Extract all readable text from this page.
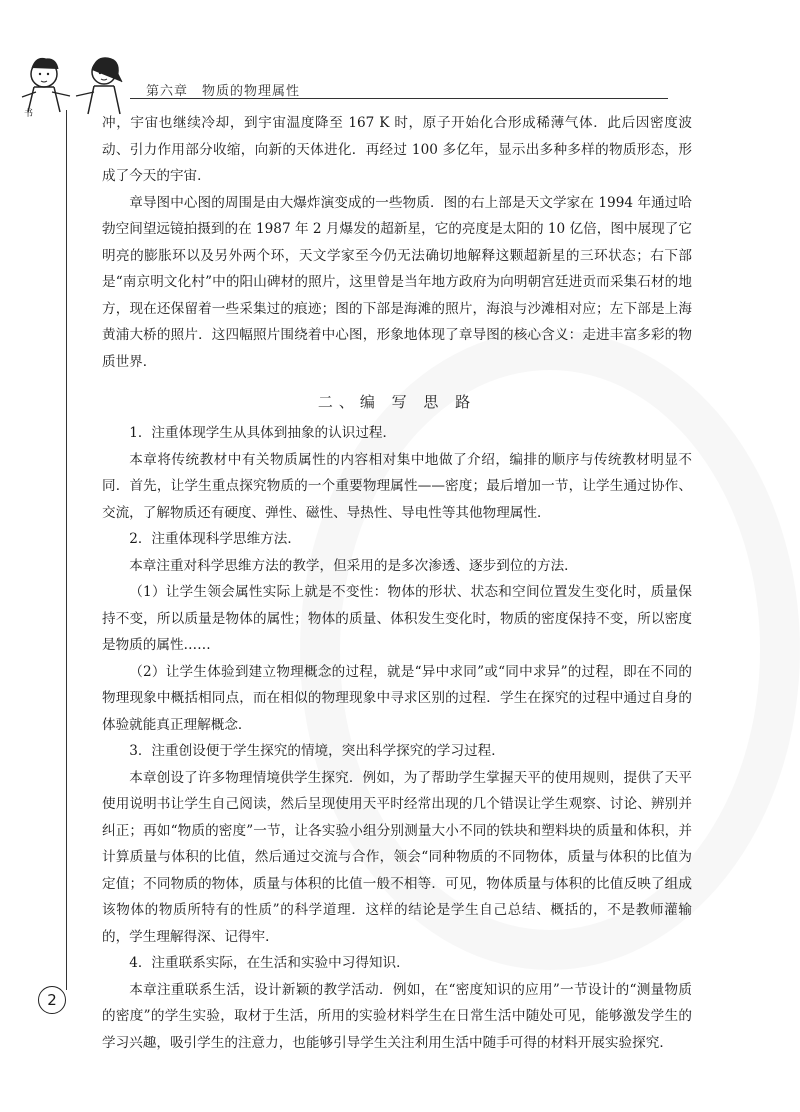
书
第六章　物质的物理属性

冲，宇宙也继续冷却，到宇宙温度降至 167 K 时，原子开始化合形成稀薄气体．此后因密度波动、引力作用部分收缩，向新的天体进化．再经过 100 多亿年，显示出多种多样的物质形态，形成了今天的宇宙．

章导图中心图的周围是由大爆炸演变成的一些物质．图的右上部是天文学家在 1994 年通过哈勃空间望远镜拍摄到的在 1987 年 2 月爆发的超新星，它的亮度是太阳的 10 亿倍，图中展现了它明亮的膨胀环以及另外两个环，天文学家至今仍无法确切地解释这颗超新星的三环状态；右下部是“南京明文化村”中的阳山碑材的照片，这里曾是当年地方政府为向明朝宫廷进贡而采集石材的地方，现在还保留着一些采集过的痕迹；图的下部是海滩的照片，海浪与沙滩相对应；左下部是上海黄浦大桥的照片．这四幅照片围绕着中心图，形象地体现了章导图的核心含义：走进丰富多彩的物质世界．

二、编 写 思 路

1．注重体现学生从具体到抽象的认识过程．

本章将传统教材中有关物质属性的内容相对集中地做了介绍，编排的顺序与传统教材明显不同．首先，让学生重点探究物质的一个重要物理属性——密度；最后增加一节，让学生通过协作、交流，了解物质还有硬度、弹性、磁性、导热性、导电性等其他物理属性．

2．注重体现科学思维方法．

本章注重对科学思维方法的教学，但采用的是多次渗透、逐步到位的方法．

（1）让学生领会属性实际上就是不变性：物体的形状、状态和空间位置发生变化时，质量保持不变，所以质量是物体的属性；物体的质量、体积发生变化时，物质的密度保持不变，所以密度是物质的属性……

（2）让学生体验到建立物理概念的过程，就是“异中求同”或“同中求异”的过程，即在不同的物理现象中概括相同点，而在相似的物理现象中寻求区别的过程．学生在探究的过程中通过自身的体验就能真正理解概念．

3．注重创设便于学生探究的情境，突出科学探究的学习过程．

本章创设了许多物理情境供学生探究．例如，为了帮助学生掌握天平的使用规则，提供了天平使用说明书让学生自己阅读，然后呈现使用天平时经常出现的几个错误让学生观察、讨论、辨别并纠正；再如“物质的密度”一节，让各实验小组分别测量大小不同的铁块和塑料块的质量和体积，并计算质量与体积的比值，然后通过交流与合作，领会“同种物质的不同物体，质量与体积的比值为定值；不同物质的物体，质量与体积的比值一般不相等．可见，物体质量与体积的比值反映了组成该物体的物质所特有的性质”的科学道理．这样的结论是学生自己总结、概括的，不是教师灌输的，学生理解得深、记得牢．

4．注重联系实际，在生活和实验中习得知识．

本章注重联系生活，设计新颖的教学活动．例如，在“密度知识的应用”一节设计的“测量物质的密度”的学生实验，取材于生活，所用的实验材料学生在日常生活中随处可见，能够激发学生的学习兴趣，吸引学生的注意力，也能够引导学生关注利用生活中随手可得的材料开展实验探究．

2
